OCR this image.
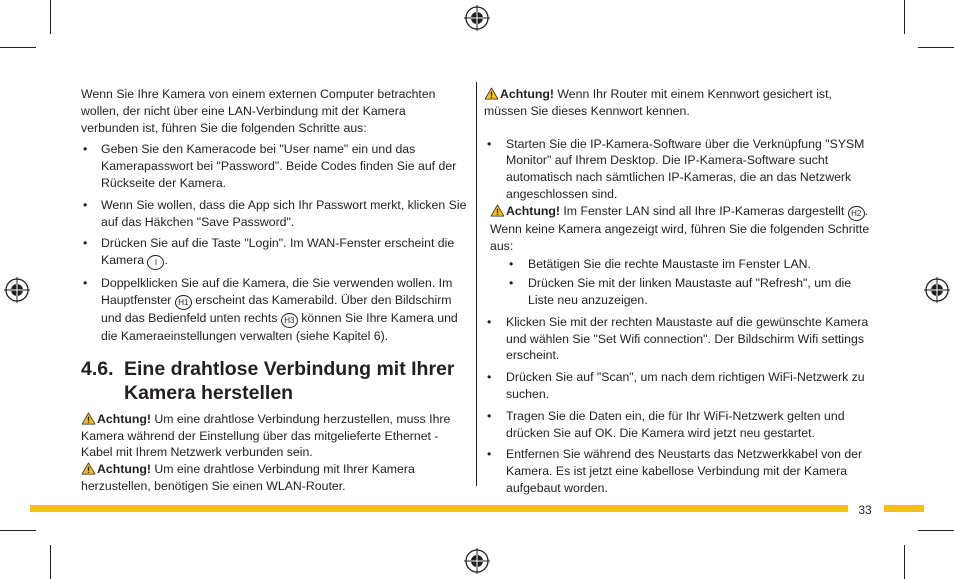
Wenn Sie Ihre Kamera von einem externen Computer betrachten wollen, der nicht über eine LAN-Verbindung mit der Kamera verbunden ist, führen Sie die folgenden Schritte aus:

• Geben Sie den Kameracode bei "User name" ein und das Kamerapasswort bei "Password". Beide Codes finden Sie auf der Rückseite der Kamera.
• Wenn Sie wollen, dass die App sich Ihr Passwort merkt, klicken Sie auf das Häkchen "Save Password".
• Drücken Sie auf die Taste "Login". Im WAN-Fenster erscheint die Kamera I .
• Doppelklicken Sie auf die Kamera, die Sie verwenden wollen. Im Hauptfenster H1 erscheint das Kamerabild. Über den Bildschirm und das Bedienfeld unten rechts H3 können Sie Ihre Kamera und die Kameraeinstellungen verwalten (siehe Kapitel 6).
4.6. Eine drahtlose Verbindung mit Ihrer Kamera herstellen

Achtung! Um eine drahtlose Verbindung herzustellen, muss Ihre Kamera während der Einstellung über das mitgelieferte Ethernet -Kabel mit Ihrem Netzwerk verbunden sein.

Achtung! Um eine drahtlose Verbindung mit Ihrer Kamera herzustellen, benötigen Sie einen WLAN-Router.

Achtung! Wenn Ihr Router mit einem Kennwort gesichert ist, müssen Sie dieses Kennwort kennen.

• Starten Sie die IP-Kamera-Software über die Verknüpfung "SYSM Monitor" auf Ihrem Desktop. Die IP-Kamera-Software sucht automatisch nach sämtlichen IP-Kameras, die an das Netzwerk angeschlossen sind.

Achtung! Im Fenster LAN sind all Ihre IP-Kameras dargestellt H2 . Wenn keine Kamera angezeigt wird, führen Sie die folgenden Schritte aus:

• Betätigen Sie die rechte Maustaste im Fenster LAN.
• Drücken Sie mit der linken Maustaste auf "Refresh", um die Liste neu anzuzeigen.
• Klicken Sie mit der rechten Maustaste auf die gewünschte Kamera und wählen Sie "Set Wifi connection". Der Bildschirm Wifi settings erscheint.
• Drücken Sie auf "Scan", um nach dem richtigen WiFi-Netzwerk zu suchen.
• Tragen Sie die Daten ein, die für Ihr WiFi-Netzwerk gelten und drücken Sie auf OK. Die Kamera wird jetzt neu gestartet.
• Entfernen Sie während des Neustarts das Netzwerkkabel von der Kamera. Es ist jetzt eine kabellose Verbindung mit der Kamera aufgebaut worden.
33
